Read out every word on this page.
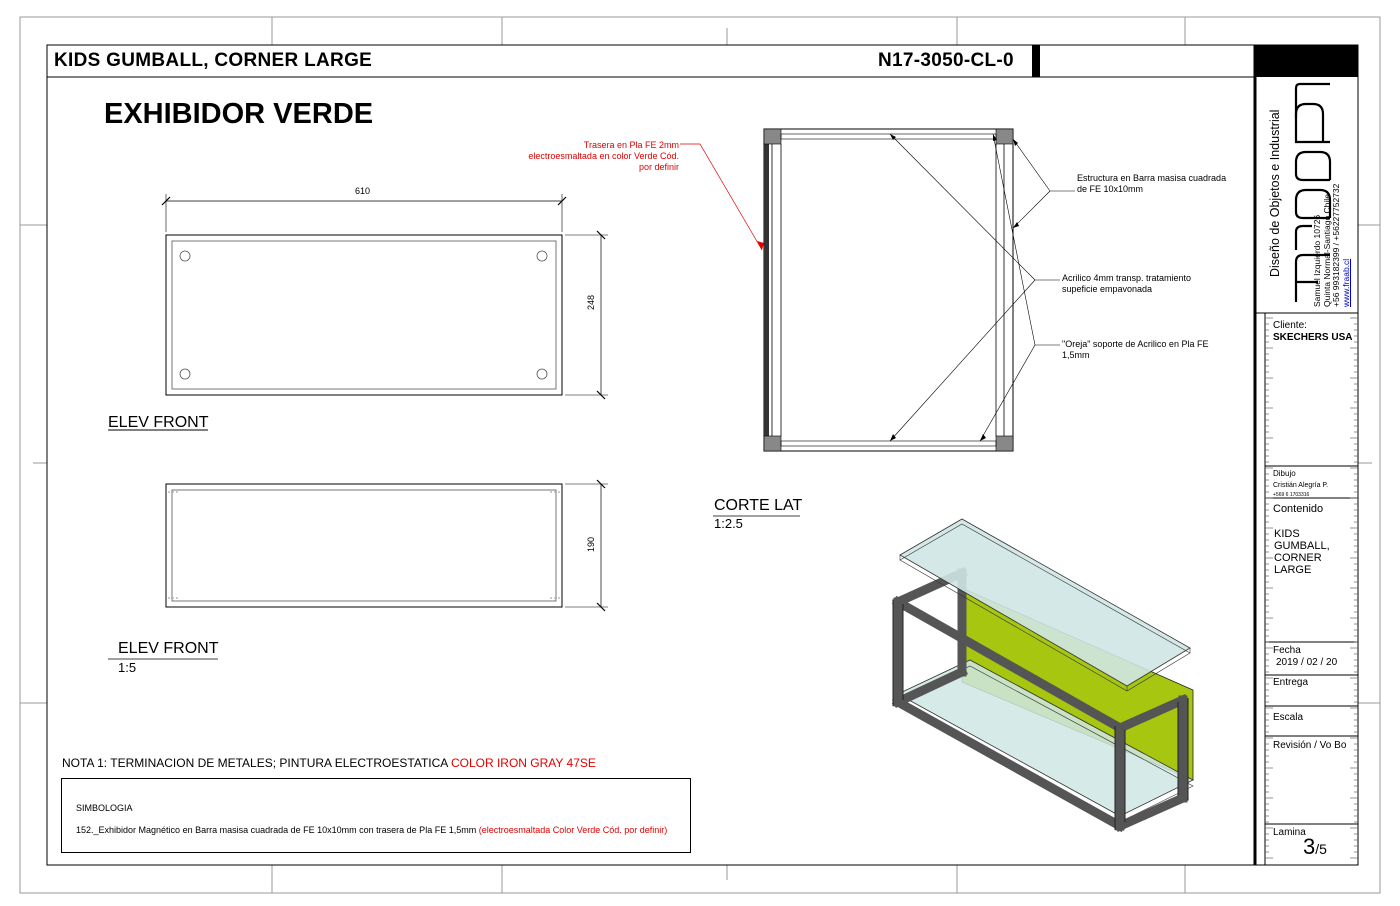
KIDS GUMBALL, CORNER LARGE	N17-3050-CL-0
EXHIBIDOR VERDE
610
248
ELEV FRONT
190
ELEV FRONT
1:5
CORTE LAT
1:2.5
Trasera en Pla FE 2mm
electroesmaltada en color Verde Cód.
por definir
Estructura en Barra masisa cuadrada
de FE 10x10mm
Acrilico 4mm transp. tratamiento
supeficie empavonada
"Oreja" soporte de Acrilico en Pla FE
1,5mm
NOTA 1: TERMINACION DE METALES; PINTURA ELECTROESTATICA COLOR IRON GRAY 47SE
SIMBOLOGIA
152._Exhibidor Magnético en Barra masisa cuadrada de FE 10x10mm con trasera de Pla FE 1,5mm (electroesmaltada Color Verde Cód. por definir)
Diseño de Objetos e Industrial	Samuel Izquierdo 10726 Quinta Normal-Santiago Chile +56 993182399 / +56227752732 www.fraab.cl
Cliente:
SKECHERS USA
Dibujo
Cristián Alegría P.
+569 6 1703316
Contenido
KIDS
GUMBALL,
CORNER
LARGE
Fecha
2019 / 02 / 20
Entrega
Escala
Revisión / Vo Bo
Lamina
3/5
